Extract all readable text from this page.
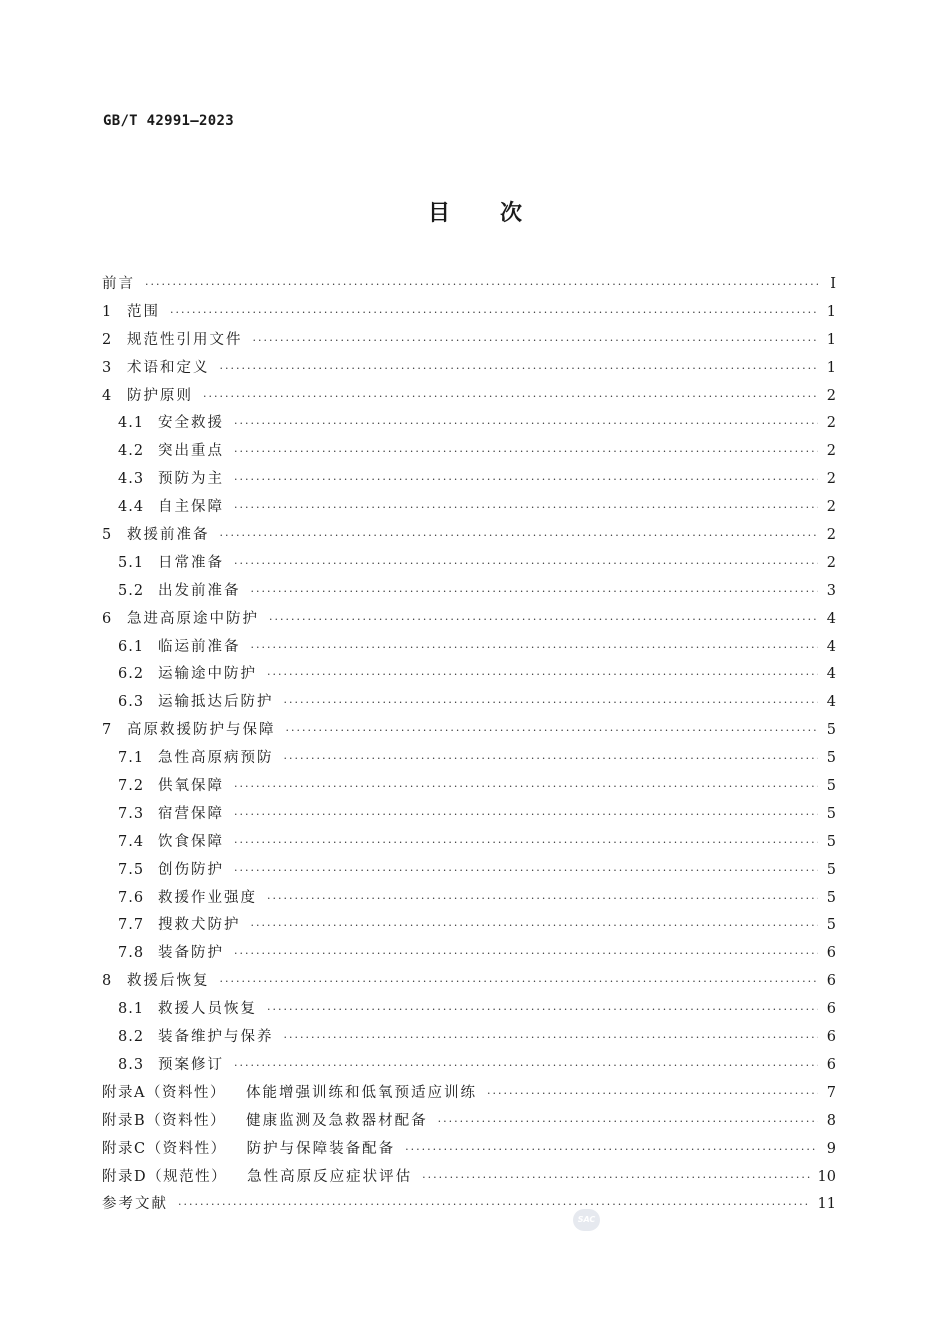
GB/T 42991—2023
目次
前言 ·····	Ⅰ
1	范围 ·····	1
2	规范性引用文件 ·····	1
3	术语和定义 ·····	1
4	防护原则 ·····	2
4.1 安全救援 ·····	2
4.2 突出重点 ·····	2
4.3 预防为主 ·····	2
4.4 自主保障 ·····	2
5	救援前准备 ·····	2
5.1 日常准备 ·····	2
5.2 出发前准备 ·····	3
6	急进高原途中防护 ·····	4
6.1 临运前准备 ·····	4
6.2 运输途中防护 ·····	4
6.3 运输抵达后防护 ·····	4
7	高原救援防护与保障 ·····	5
7.1 急性高原病预防 ·····	5
7.2 供氧保障 ·····	5
7.3 宿营保障 ·····	5
7.4 饮食保障 ·····	5
7.5 创伤防护 ·····	5
7.6 救援作业强度 ·····	5
7.7 搜救犬防护 ·····	5
7.8 装备防护 ·····	6
8	救援后恢复 ·····	6
8.1 救援人员恢复 ·····	6
8.2 装备维护与保养 ·····	6
8.3 预案修订 ·····	6
附录A（资料性） 体能增强训练和低氧预适应训练 ·····	7
附录B（资料性） 健康监测及急救器材配备 ·····	8
附录C（资料性） 防护与保障装备配备 ·····	9
附录D（规范性） 急性高原反应症状评估 ·····	10
参考文献 ·····	11
SAC
